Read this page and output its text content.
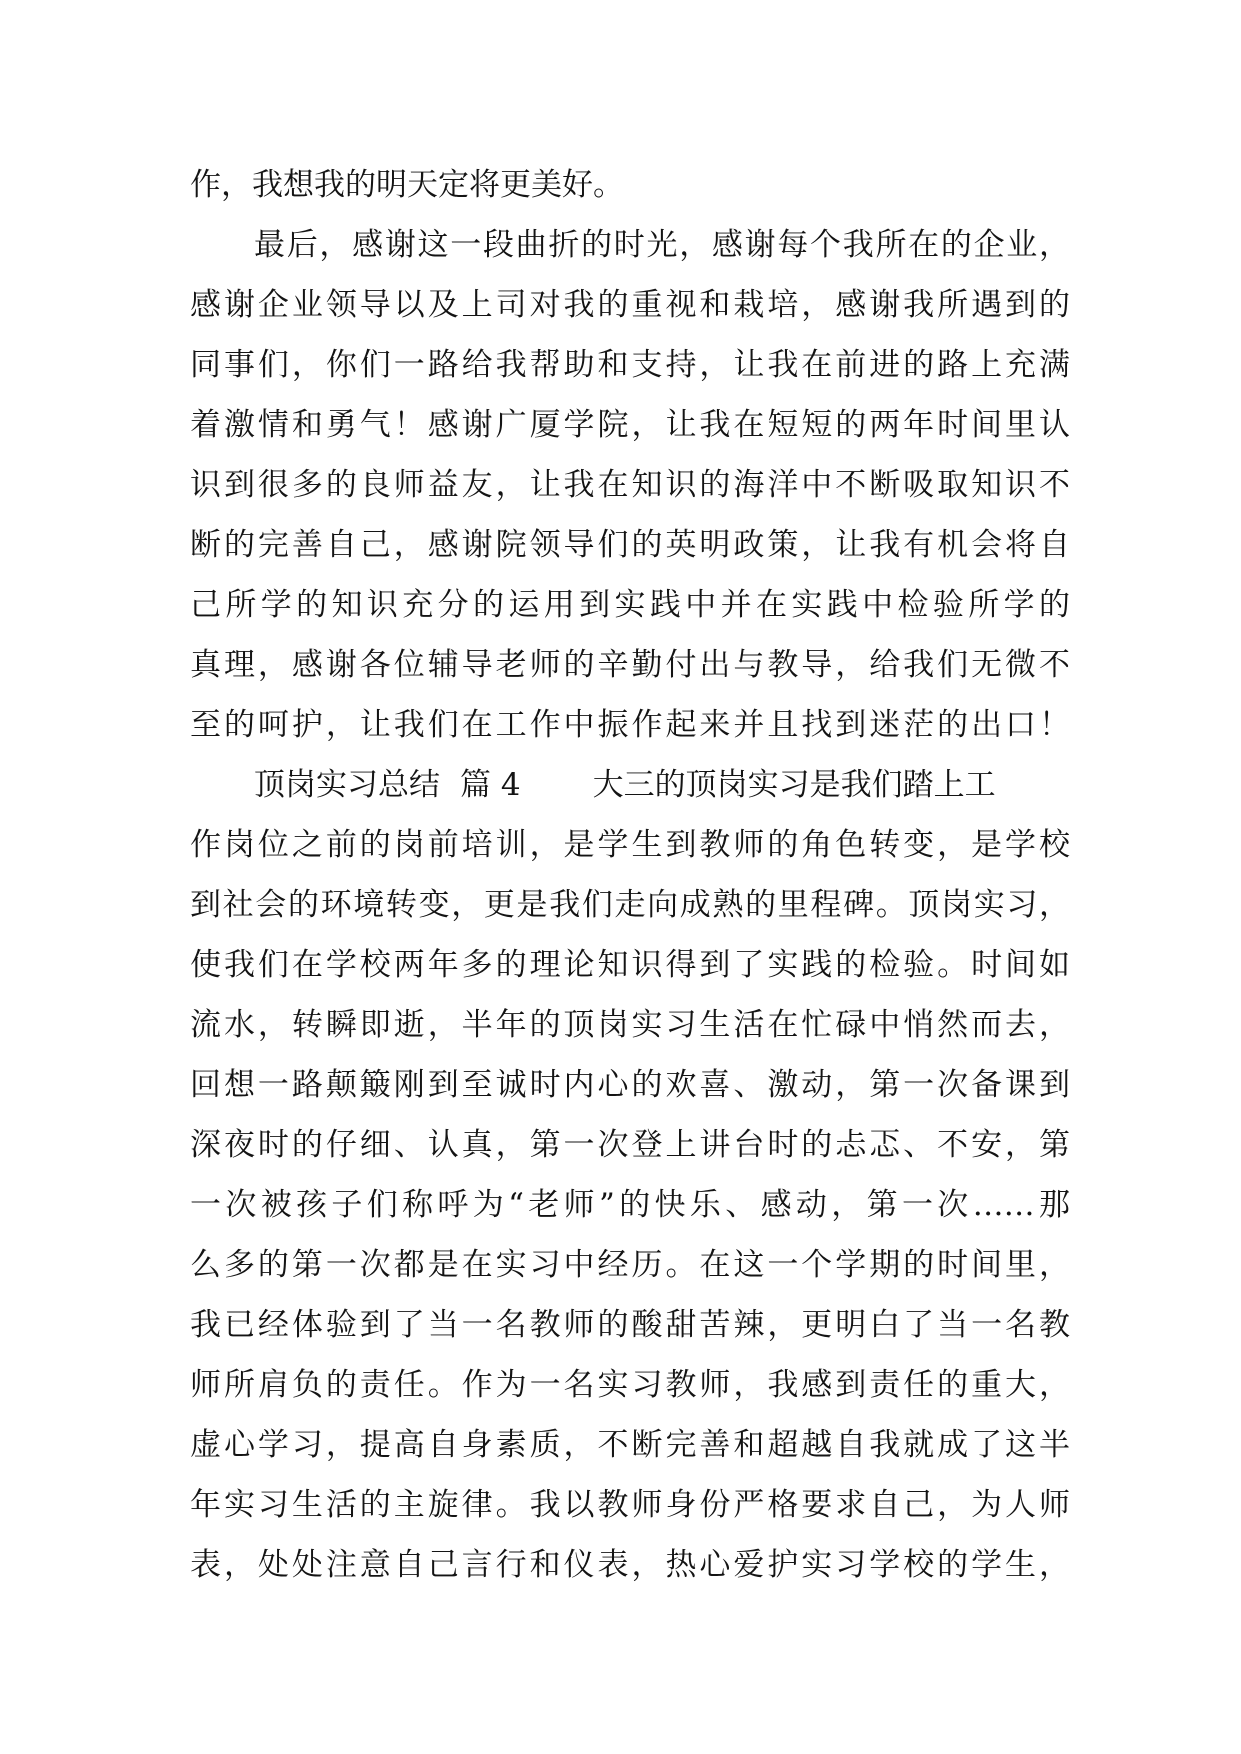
作，我想我的明天定将更美好。
最后，感谢这一段曲折的时光，感谢每个我所在的企业，
感谢企业领导以及上司对我的重视和栽培，感谢我所遇到的
同事们，你们一路给我帮助和支持，让我在前进的路上充满
着激情和勇气！感谢广厦学院，让我在短短的两年时间里认
识到很多的良师益友，让我在知识的海洋中不断吸取知识不
断的完善自己，感谢院领导们的英明政策，让我有机会将自
己所学的知识充分的运用到实践中并在实践中检验所学的
真理，感谢各位辅导老师的辛勤付出与教导，给我们无微不
至的呵护，让我们在工作中振作起来并且找到迷茫的出口！
顶岗实习总结 篇 4 大三的顶岗实习是我们踏上工
作岗位之前的岗前培训，是学生到教师的角色转变，是学校
到社会的环境转变，更是我们走向成熟的里程碑。顶岗实习，
使我们在学校两年多的理论知识得到了实践的检验。时间如
流水，转瞬即逝，半年的顶岗实习生活在忙碌中悄然而去，
回想一路颠簸刚到至诚时内心的欢喜、激动，第一次备课到
深夜时的仔细、认真，第一次登上讲台时的忐忑、不安，第
一次被孩子们称呼为“老师”的快乐、感动，第一次……那
么多的第一次都是在实习中经历。在这一个学期的时间里，
我已经体验到了当一名教师的酸甜苦辣，更明白了当一名教
师所肩负的责任。作为一名实习教师，我感到责任的重大，
虚心学习，提高自身素质，不断完善和超越自我就成了这半
年实习生活的主旋律。我以教师身份严格要求自己，为人师
表，处处注意自己言行和仪表，热心爱护实习学校的学生，
